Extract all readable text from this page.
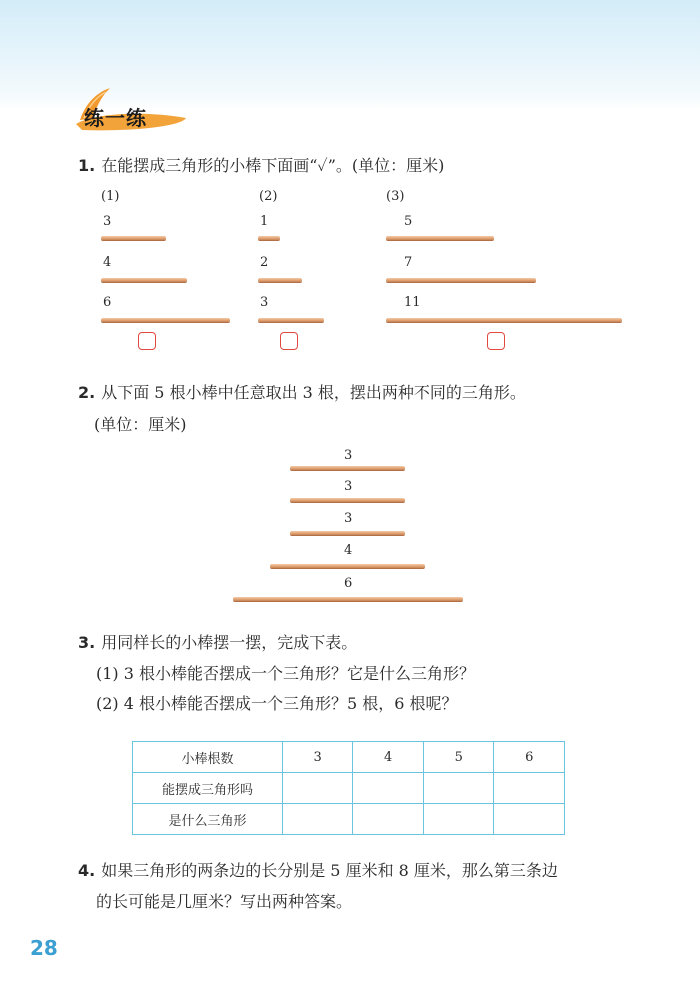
练一练
1. 在能摆成三角形的小棒下面画“✓”。(单位：厘米)
(1)	(2)	(3)
3
4
6
1
2
3
5
7
11
2. 从下面 5 根小棒中任意取出 3 根，摆出两种不同的三角形。
(单位：厘米)
3
3
3
4
6
3. 用同样长的小棒摆一摆，完成下表。
(1) 3 根小棒能否摆成一个三角形？它是什么三角形？
(2) 4 根小棒能否摆成一个三角形？5 根，6 根呢？
小棒根数	3	4	5	6
能摆成三角形吗				
是什么三角形				
4. 如果三角形的两条边的长分别是 5 厘米和 8 厘米，那么第三条边
的长可能是几厘米？写出两种答案。
28
